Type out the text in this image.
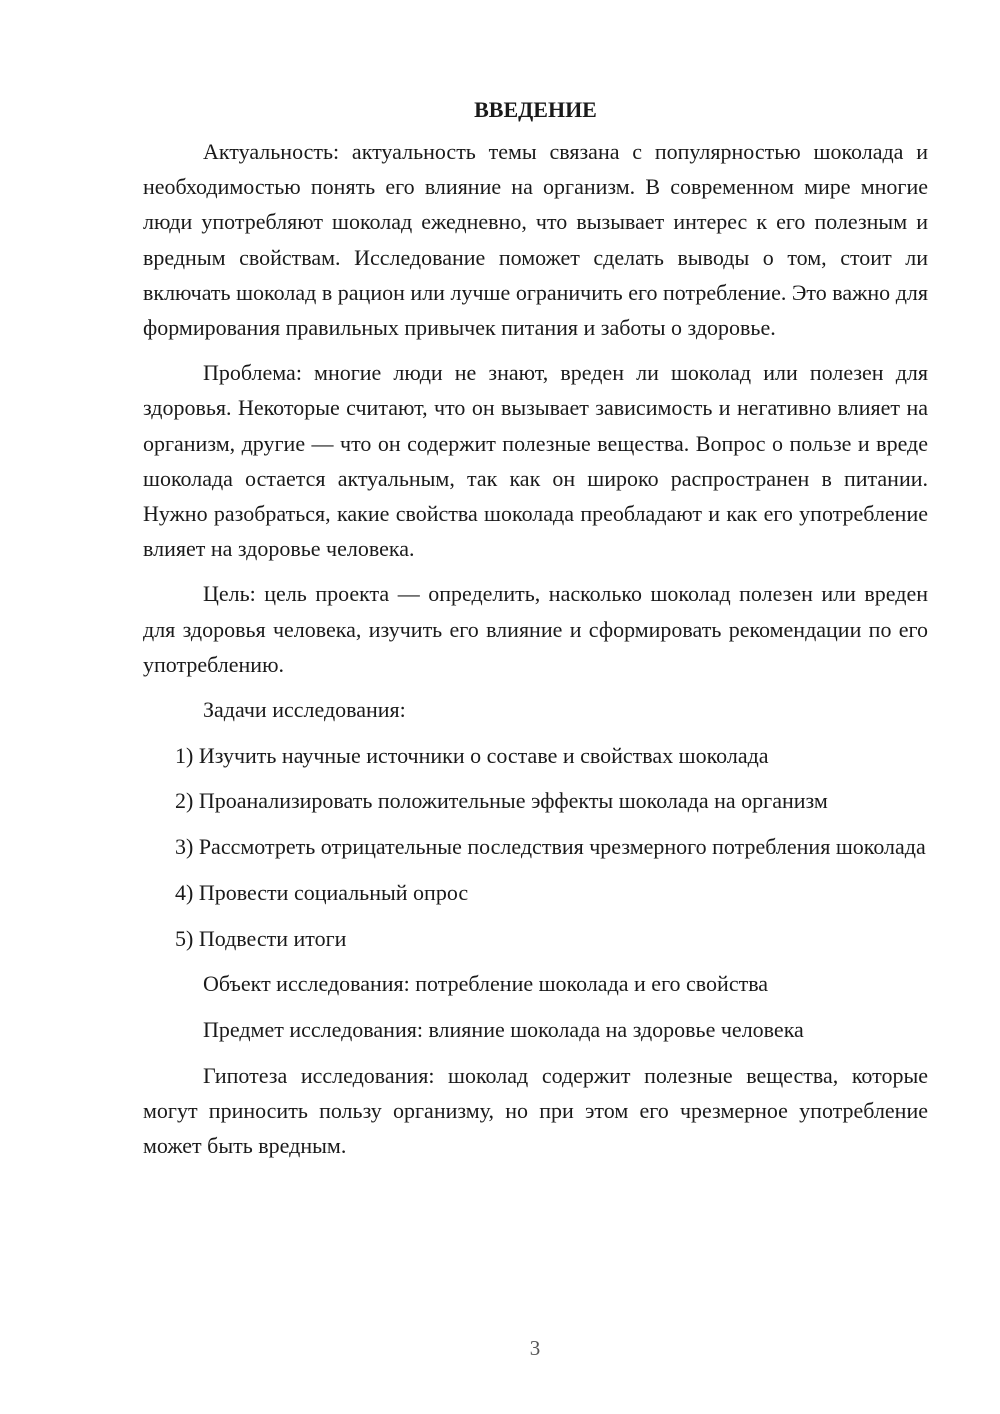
ВВЕДЕНИЕ

Актуальность: актуальность темы связана с популярностью шоколада и необходимостью понять его влияние на организм. В современном мире многие люди употребляют шоколад ежедневно, что вызывает интерес к его полезным и вредным свойствам. Исследование поможет сделать выводы о том, стоит ли включать шоколад в рацион или лучше ограничить его потребление. Это важно для формирования правильных привычек питания и заботы о здоровье.

Проблема: многие люди не знают, вреден ли шоколад или полезен для здоровья. Некоторые считают, что он вызывает зависимость и негативно влияет на организм, другие — что он содержит полезные вещества. Вопрос о пользе и вреде шоколада остается актуальным, так как он широко распространен в питании. Нужно разобраться, какие свойства шоколада преобладают и как его употребление влияет на здоровье человека.

Цель: цель проекта — определить, насколько шоколад полезен или вреден для здоровья человека, изучить его влияние и сформировать рекомендации по его употреблению.

Задачи исследования:

1) Изучить научные источники о составе и свойствах шоколада

2) Проанализировать положительные эффекты шоколада на организм

3) Рассмотреть отрицательные последствия чрезмерного потребления шоколада

4) Провести социальный опрос

5) Подвести итоги

Объект исследования: потребление шоколада и его свойства

Предмет исследования: влияние шоколада на здоровье человека

Гипотеза исследования: шоколад содержит полезные вещества, которые могут приносить пользу организму, но при этом его чрезмерное употребление может быть вредным.

3
